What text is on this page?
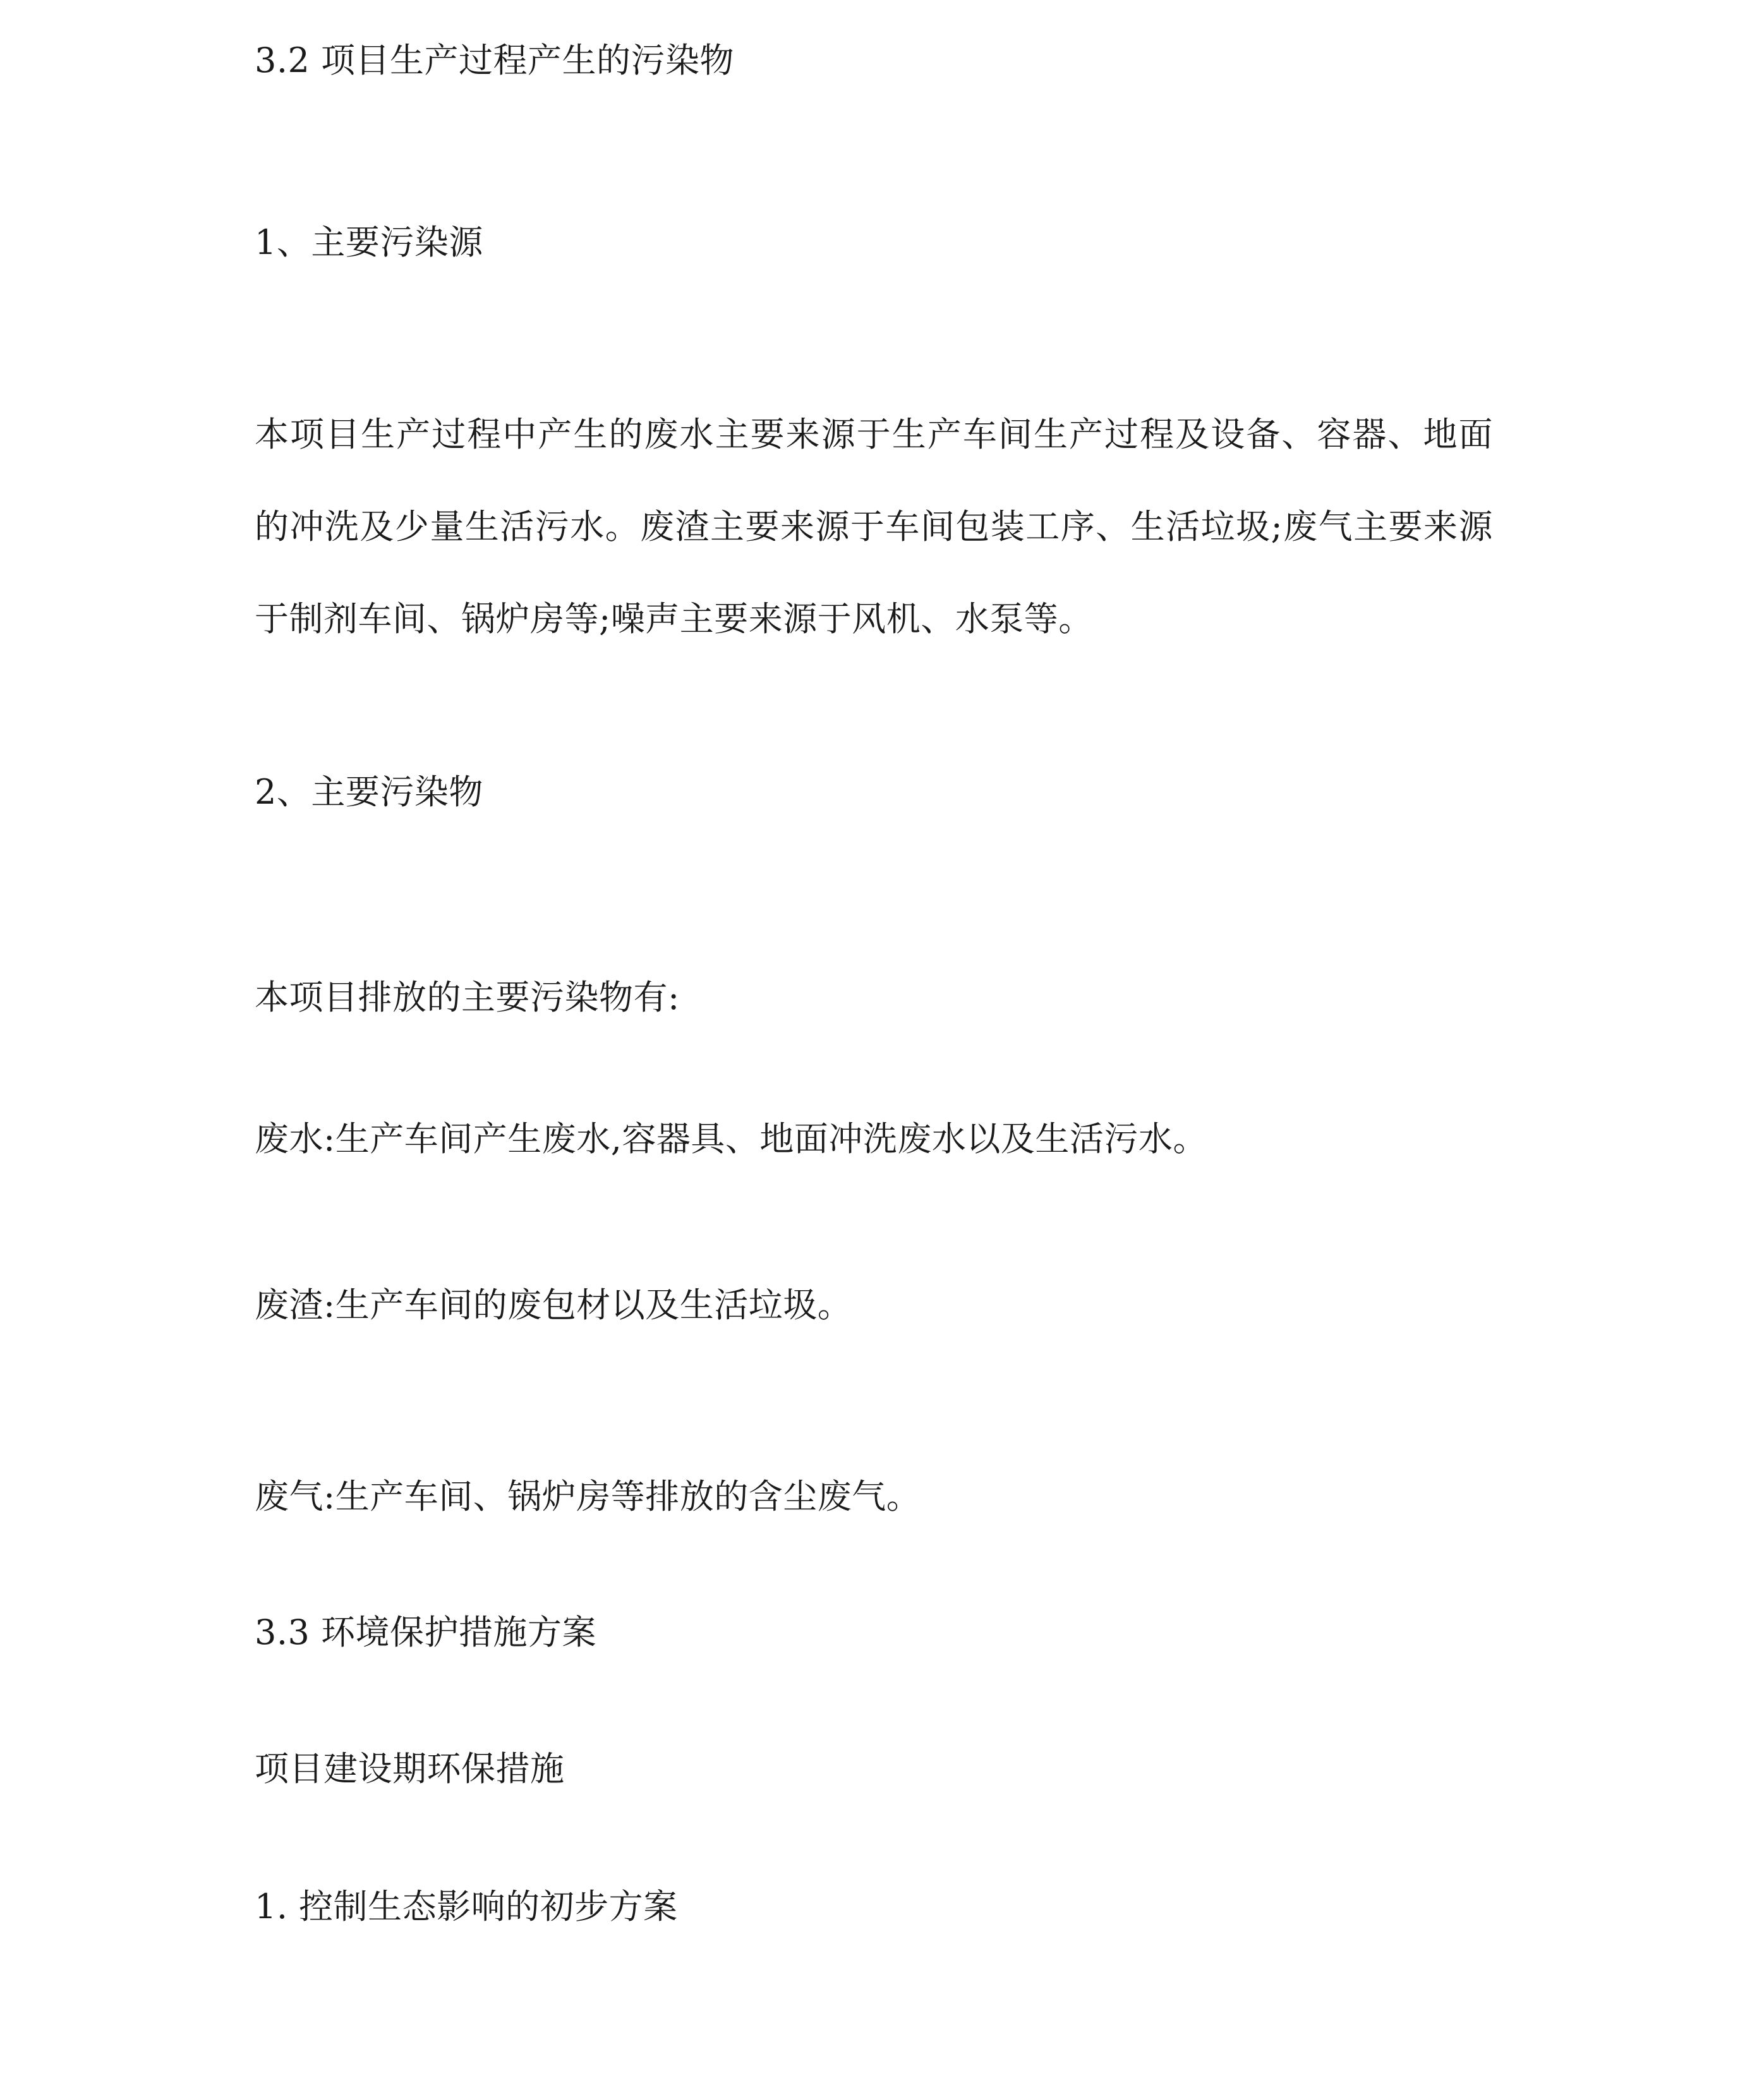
3.2 项目生产过程产生的污染物
1、主要污染源
本项目生产过程中产生的废水主要来源于生产车间生产过程及设备、容器、地面的冲洗及少量生活污水。废渣主要来源于车间包装工序、生活垃圾;废气主要来源于制剂车间、锅炉房等;噪声主要来源于风机、水泵等。
2、主要污染物
本项目排放的主要污染物有:
废水:生产车间产生废水,容器具、地面冲洗废水以及生活污水。
废渣:生产车间的废包材以及生活垃圾。
废气:生产车间、锅炉房等排放的含尘废气。
3.3 环境保护措施方案
项目建设期环保措施
1. 控制生态影响的初步方案
